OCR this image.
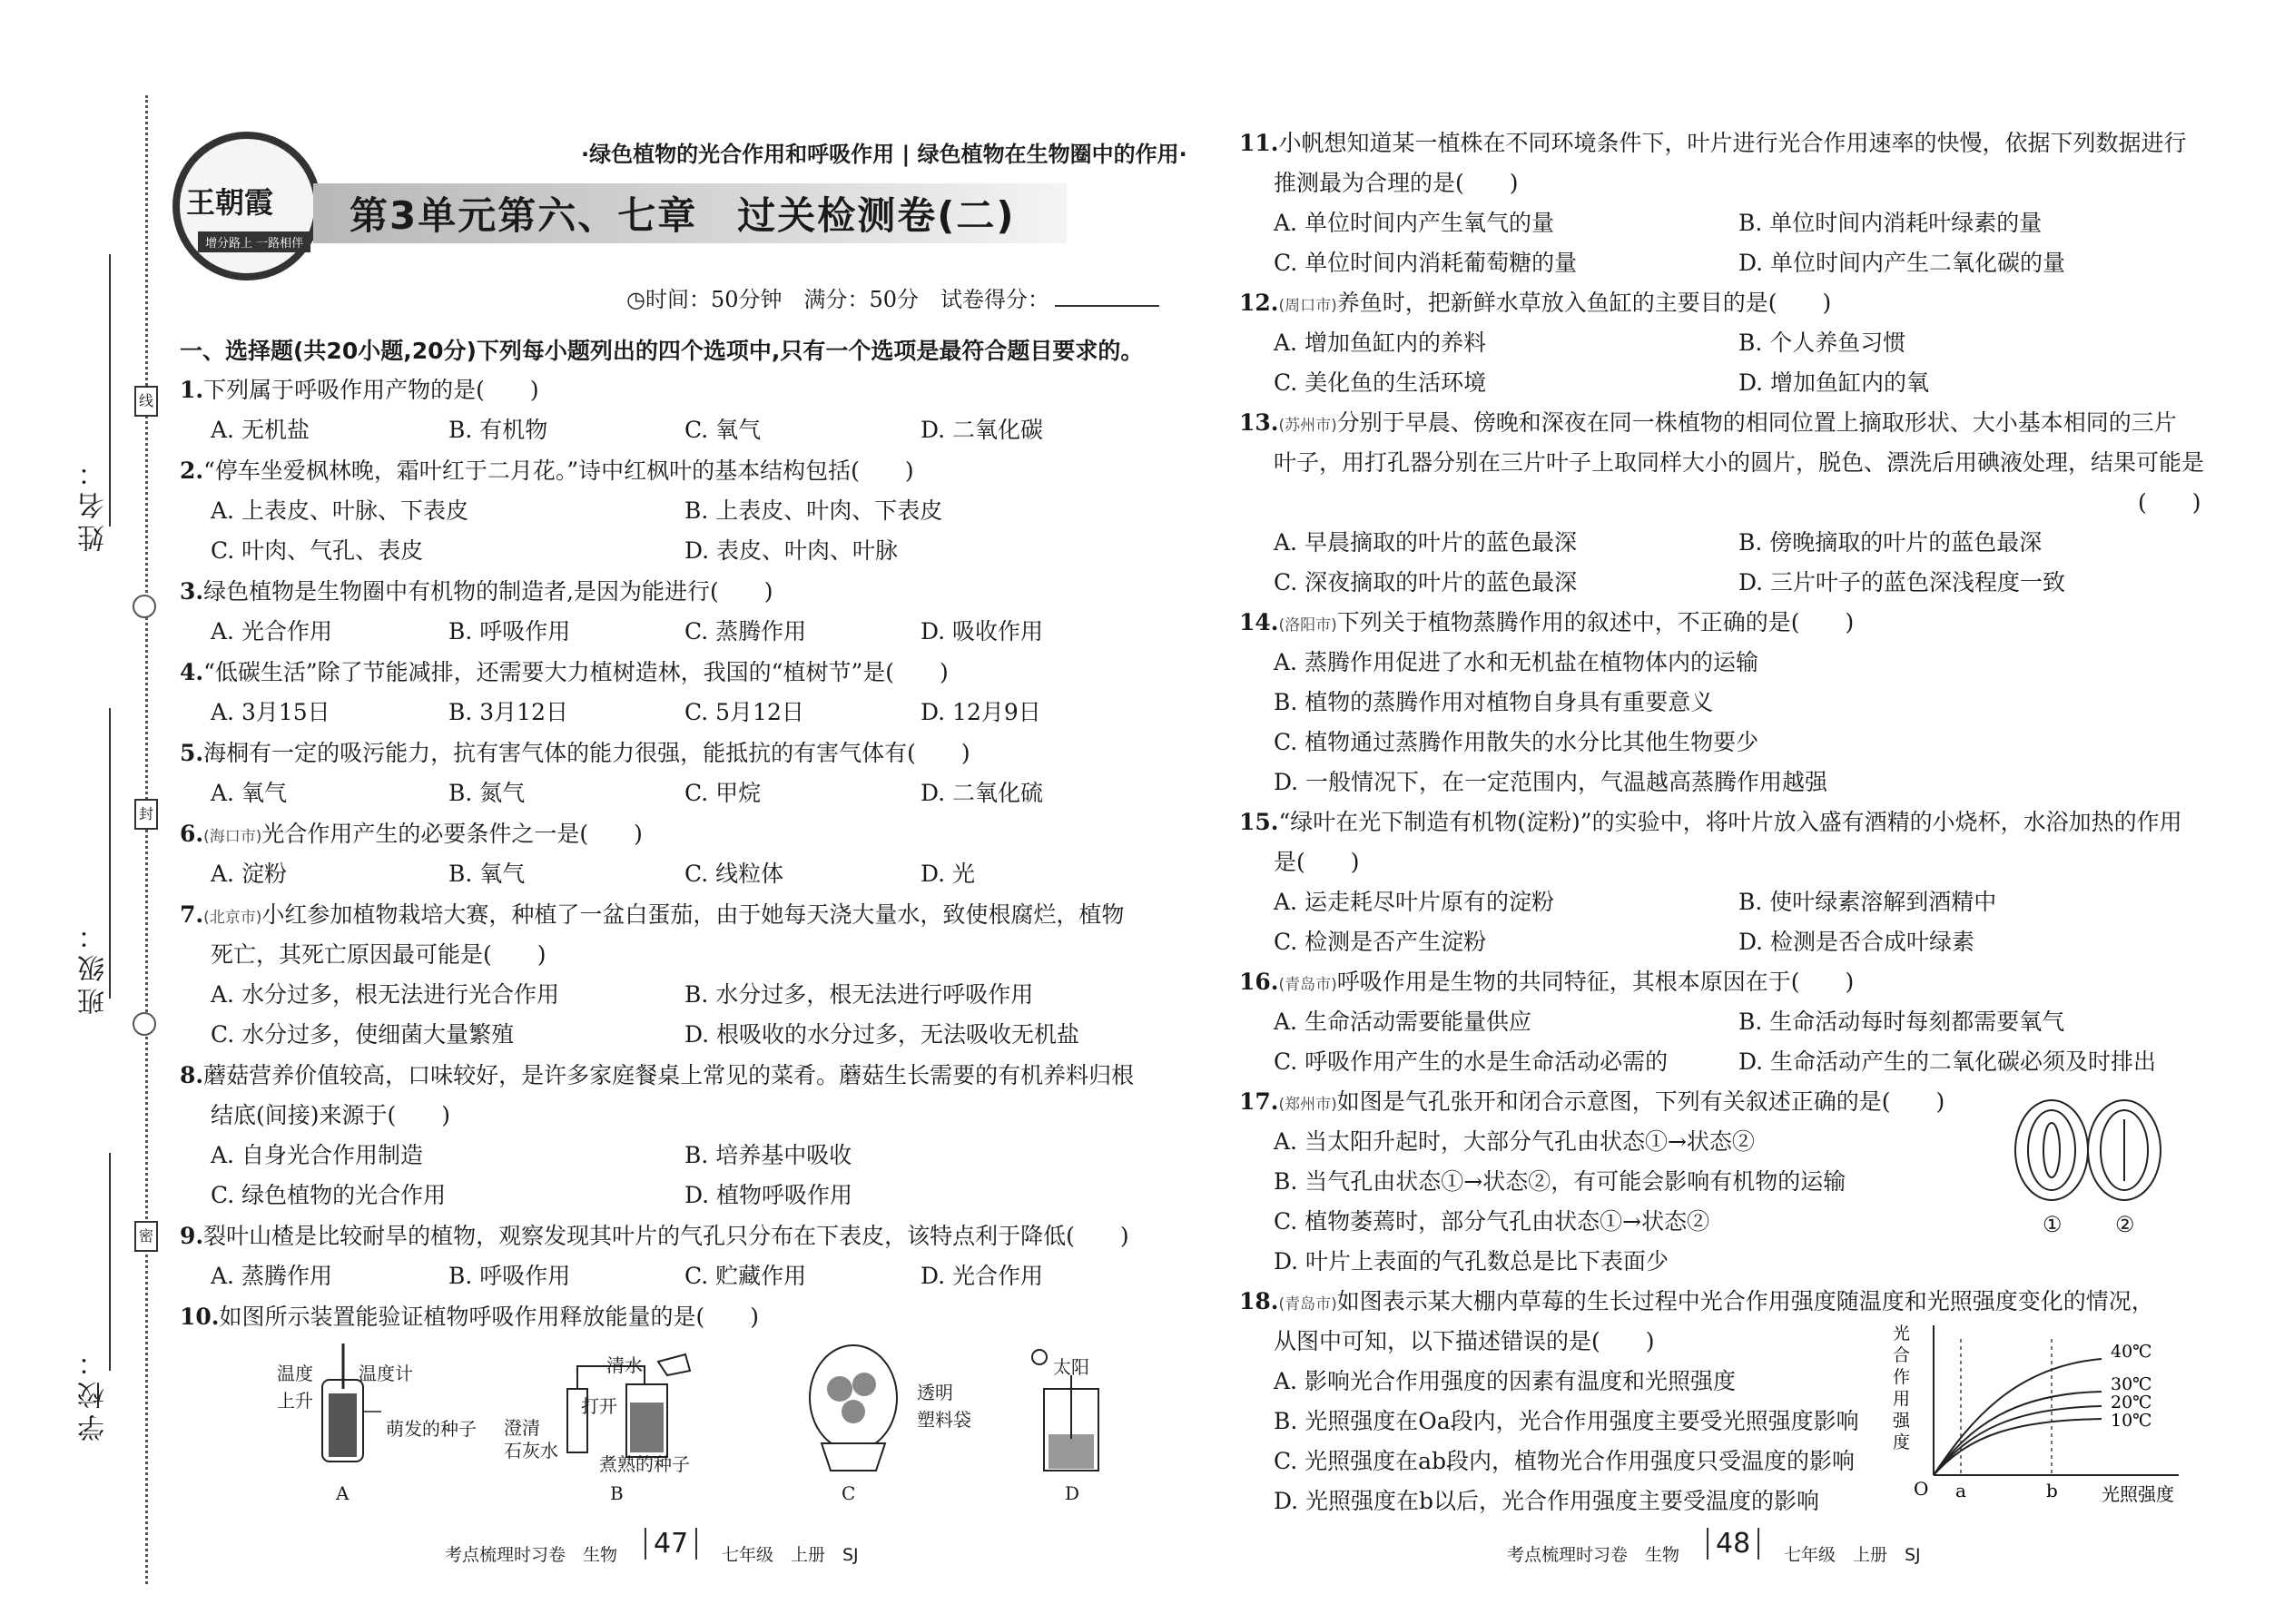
姓名：
班级：
学校：
线
封
密
王朝霞
增分路上 一路相伴
·绿色植物的光合作用和呼吸作用 | 绿色植物在生物圈中的作用·
第3单元第六、七章　过关检测卷(二)
◷时间：50分钟　满分：50分　试卷得分：
一、选择题(共20小题,20分)下列每小题列出的四个选项中,只有一个选项是最符合题目要求的。
1.下列属于呼吸作用产物的是(　　)
A. 无机盐	B. 有机物	C. 氧气	D. 二氧化碳
2.“停车坐爱枫林晚，霜叶红于二月花。”诗中红枫叶的基本结构包括(　　)
A. 上表皮、叶脉、下表皮	B. 上表皮、叶肉、下表皮
C. 叶肉、气孔、表皮	D. 表皮、叶肉、叶脉
3.绿色植物是生物圈中有机物的制造者,是因为能进行(　　)
A. 光合作用	B. 呼吸作用	C. 蒸腾作用	D. 吸收作用
4.“低碳生活”除了节能减排，还需要大力植树造林，我国的“植树节”是(　　)
A. 3月15日	B. 3月12日	C. 5月12日	D. 12月9日
5.海桐有一定的吸污能力，抗有害气体的能力很强，能抵抗的有害气体有(　　)
A. 氧气	B. 氮气	C. 甲烷	D. 二氧化硫
6.(海口市)光合作用产生的必要条件之一是(　　)
A. 淀粉	B. 氧气	C. 线粒体	D. 光
7.(北京市)小红参加植物栽培大赛，种植了一盆白蛋茄，由于她每天浇大量水，致使根腐烂，植物
死亡，其死亡原因最可能是(　　)
A. 水分过多，根无法进行光合作用	B. 水分过多，根无法进行呼吸作用
C. 水分过多，使细菌大量繁殖	D. 根吸收的水分过多，无法吸收无机盐
8.蘑菇营养价值较高，口味较好，是许多家庭餐桌上常见的菜肴。蘑菇生长需要的有机养料归根
结底(间接)来源于(　　)
A. 自身光合作用制造	B. 培养基中吸收
C. 绿色植物的光合作用	D. 植物呼吸作用
9.裂叶山楂是比较耐旱的植物，观察发现其叶片的气孔只分布在下表皮，该特点利于降低(　　)
A. 蒸腾作用	B. 呼吸作用	C. 贮藏作用	D. 光合作用
10.如图所示装置能验证植物呼吸作用释放能量的是(　　)
温度
上升
温度计
萌发的种子
A
清水
打开
澄清
石灰水
煮熟的种子
B
透明
塑料袋
C
太阳
D
考点梳理时习卷　生物	47	七年级　上册　SJ
11.小帆想知道某一植株在不同环境条件下，叶片进行光合作用速率的快慢，依据下列数据进行
推测最为合理的是(　　)
A. 单位时间内产生氧气的量	B. 单位时间内消耗叶绿素的量
C. 单位时间内消耗葡萄糖的量	D. 单位时间内产生二氧化碳的量
12.(周口市)养鱼时，把新鲜水草放入鱼缸的主要目的是(　　)
A. 增加鱼缸内的养料	B. 个人养鱼习惯
C. 美化鱼的生活环境	D. 增加鱼缸内的氧
13.(苏州市)分别于早晨、傍晚和深夜在同一株植物的相同位置上摘取形状、大小基本相同的三片
叶子，用打孔器分别在三片叶子上取同样大小的圆片，脱色、漂洗后用碘液处理，结果可能是
(　　)
A. 早晨摘取的叶片的蓝色最深	B. 傍晚摘取的叶片的蓝色最深
C. 深夜摘取的叶片的蓝色最深	D. 三片叶子的蓝色深浅程度一致
14.(洛阳市)下列关于植物蒸腾作用的叙述中，不正确的是(　　)
A. 蒸腾作用促进了水和无机盐在植物体内的运输
B. 植物的蒸腾作用对植物自身具有重要意义
C. 植物通过蒸腾作用散失的水分比其他生物要少
D. 一般情况下，在一定范围内，气温越高蒸腾作用越强
15.“绿叶在光下制造有机物(淀粉)”的实验中，将叶片放入盛有酒精的小烧杯，水浴加热的作用
是(　　)
A. 运走耗尽叶片原有的淀粉	B. 使叶绿素溶解到酒精中
C. 检测是否产生淀粉	D. 检测是否合成叶绿素
16.(青岛市)呼吸作用是生物的共同特征，其根本原因在于(　　)
A. 生命活动需要能量供应	B. 生命活动每时每刻都需要氧气
C. 呼吸作用产生的水是生命活动必需的	D. 生命活动产生的二氧化碳必须及时排出
17.(郑州市)如图是气孔张开和闭合示意图，下列有关叙述正确的是(　　)
A. 当太阳升起时，大部分气孔由状态①→状态②
B. 当气孔由状态①→状态②，有可能会影响有机物的运输
C. 植物萎蔫时，部分气孔由状态①→状态②
D. 叶片上表面的气孔数总是比下表面少
① ②
18.(青岛市)如图表示某大棚内草莓的生长过程中光合作用强度随温度和光照强度变化的情况，
从图中可知，以下描述错误的是(　　)
A. 影响光合作用强度的因素有温度和光照强度
B. 光照强度在Oa段内，光合作用强度主要受光照强度影响
C. 光照强度在ab段内，植物光合作用强度只受温度的影响
D. 光照强度在b以后，光合作用强度主要受温度的影响
光
合
作
用
强
度
O a	b 光照强度
40℃
30℃
20℃
10℃
考点梳理时习卷　生物	48	七年级　上册　SJ
